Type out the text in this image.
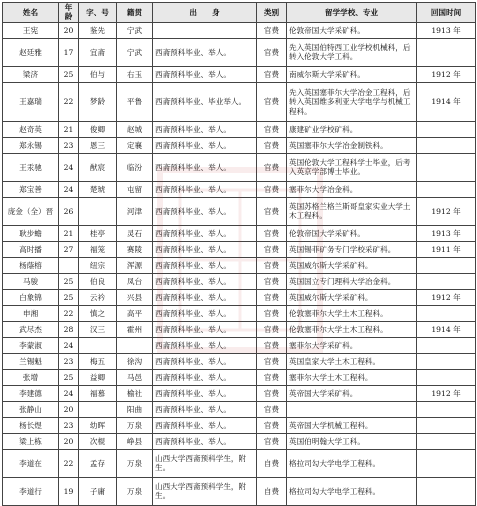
姓名	年龄	字、号	籍贯	出　　身	类别	留学学校、专业	回国时间
王宪	20	鉴先	宁武		官费	伦敦帝国大学采矿科。	1913 年
赵廷雅	17	宜斋	宁武	西斋预科毕业、举人。	官费	先入英国伯特西工业学校机械科，后转入伦敦大学工科。	
梁济	25	伯与	右玉	西斋预科毕业、举人。	官费	南威尔斯大学采矿科。	1912 年
王嘉瑞	22	梦龄	平鲁	西斋预科毕业、毕业举人。	官费	先入英国塞菲尔大学冶金工程科，后转入英国维多利亚大学电学与机械工程科。	1914 年
赵奇英	21	俊卿	赵城	西斋预科毕业、举人。	官费	康建矿业学校矿科。	
郑永锡	23	恩三	定襄	西斋预科毕业、举人。	官费	英国塞菲尔大学冶金制铁科。	
王汞驰	24	猷宸	临汾	西斋预科毕业、举人。	官费	英国伦敦大学工程科学士毕业，后考入英京学部博士毕业。	
郑宝善	24	楚琥	屯留	西斋预科毕业、举人。	官费	塞菲尔大学冶金科。	
庞金（全）晋	26		河津	西斋预科毕业、举人。	官费	英国苏格兰格兰斯哥皇家实业大学土木工程科。	1912 年
耿步蟾	21	桂亭	灵石	西斋预科毕业、举人。	官费	伦敦帝国大学采矿科。	1913 年
高时播	27	福笼	赛陵	西斋预科毕业、举人。	官费	英国锡菲矿务专门学校采矿科。	1911 年
杨蔭榕		纽宗	浑源	西斋预科毕业、举人。	官费	英国威尔斯大学采矿科。	
马骏	25	伯良	凤台	西斋预科毕业、举人。	官费	英国国立专门理科大学冶金科。	
白象锦	25	云衿	兴县	西斋预科毕业、举人。	官费	英国威尔斯大学采矿科。	1912 年
申湘	22	慎之	高平	西斋预科毕业、举人。	官费	伦敦塞菲尔大学土木工程科。	
武尽杰	28	汉三	霍州	西斋预科毕业、举人。	官费	伦敦塞菲尔大学土木工程科。	1914 年
李蒙淑	24			西斋预科毕业、举人。	官费	塞菲尔大学采矿科。	
兰锡魁	23	梅五	徐沟	西斋预科毕业、举人。	官费	英国皇家大学土木工程科。	
张增	25	益卿	马邑	西斋预科毕业、举人。	官费	塞菲尔大学土木工程科。	
李建德	24	福慕	榆社	西斋预科毕业、举人。	官费	英帝国大学采矿科。	1912 年
张静山	20		阳曲	西斋预科毕业、举人。	官费		
杨长煜	23	幼晖	万泉	西斋预科毕业、举人。	官费	英帝国大学机械工程科。	
梁上栋	20	次棍	峥县	西斋预科毕业、举人。	官费	英国伯明翰大学工科。	
李道在	22	孟存	万泉	山西大学西斋预科学生，附生。	自费	格拉司勾大学电学工程科。	
李道行	19	子庸	万泉	山西大学西斋预科学生，附生。	自费	格拉司勾大学电学工程科。	
